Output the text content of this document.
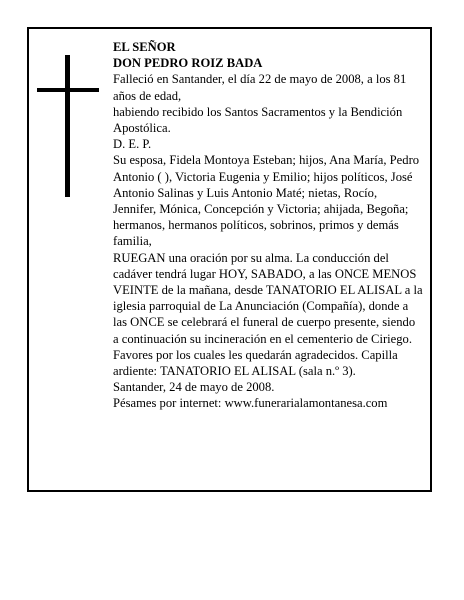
EL SEÑOR

DON PEDRO ROIZ BADA

Falleció en Santander, el día 22 de mayo de 2008, a los 81 años de edad,

habiendo recibido los Santos Sacramentos y la Bendición Apostólica.

D. E. P.

Su esposa, Fidela Montoya Esteban; hijos, Ana María, Pedro Antonio ( ), Victoria Eugenia y Emilio; hijos políticos, José Antonio Salinas y Luis Antonio Maté; nietas, Rocío, Jennifer, Mónica, Concepción y Victoria; ahijada, Begoña; hermanos, hermanos políticos, sobrinos, primos y demás familia,

RUEGAN una oración por su alma. La conducción del cadáver tendrá lugar HOY, SABADO, a las ONCE MENOS VEINTE de la mañana, desde TANATORIO EL ALISAL a la iglesia parroquial de La Anunciación (Compañía), donde a las ONCE se celebrará el funeral de cuerpo presente, siendo a continuación su incineración en el cementerio de Ciriego. Favores por los cuales les quedarán agradecidos. Capilla ardiente: TANATORIO EL ALISAL (sala n.º 3).

Santander, 24 de mayo de 2008.

Pésames por internet: www.funerarialamontanesa.com
